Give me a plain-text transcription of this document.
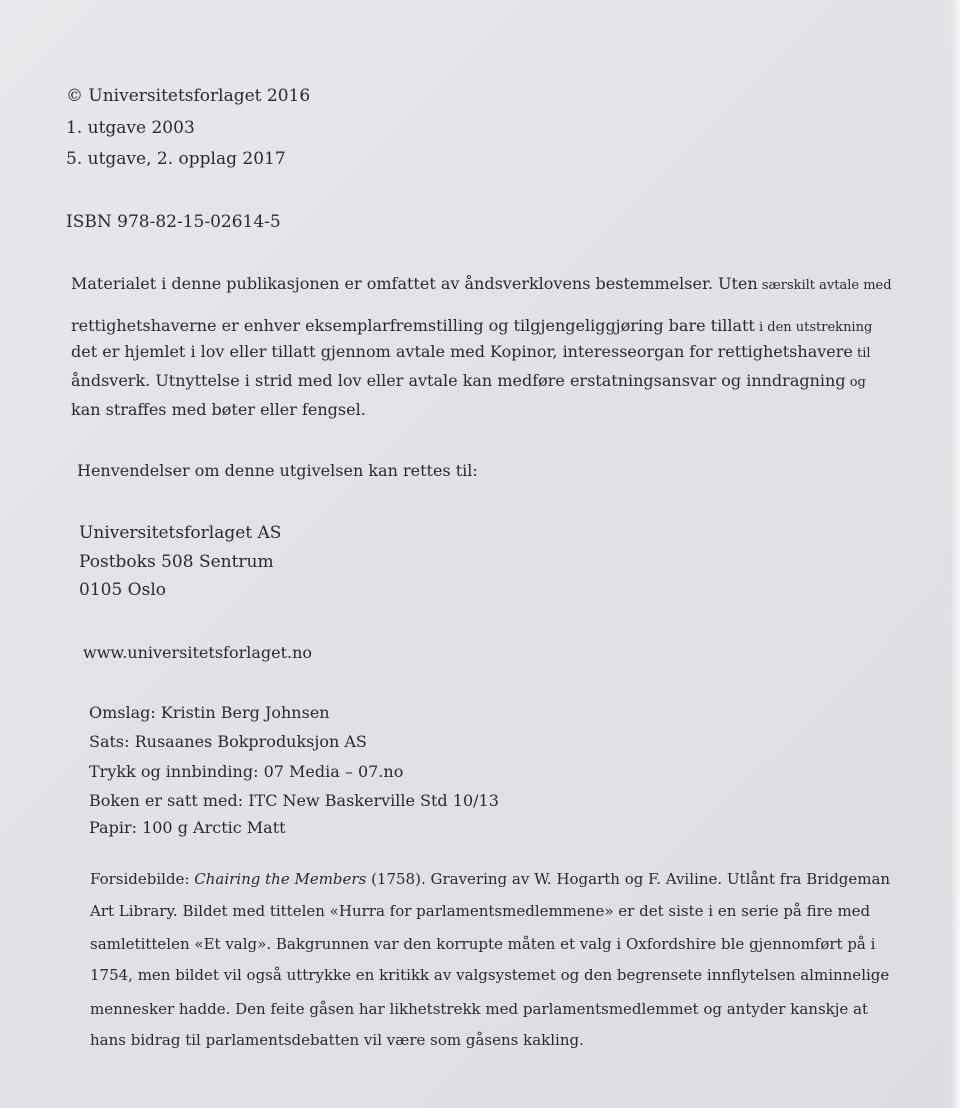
© Universitetsforlaget 2016
1. utgave 2003
5. utgave, 2. opplag 2017
ISBN 978-82-15-02614-5
Materialet i denne publikasjonen er omfattet av åndsverklovens bestemmelser. Uten særskilt avtale med
rettighetshaverne er enhver eksemplarfremstilling og tilgjengeliggjøring bare tillatt i den utstrekning
det er hjemlet i lov eller tillatt gjennom avtale med Kopinor, interesseorgan for rettighetshavere til
åndsverk. Utnyttelse i strid med lov eller avtale kan medføre erstatningsansvar og inndragning og
kan straffes med bøter eller fengsel.
Henvendelser om denne utgivelsen kan rettes til:
Universitetsforlaget AS
Postboks 508 Sentrum
0105 Oslo
www.universitetsforlaget.no
Omslag: Kristin Berg Johnsen
Sats: Rusaanes Bokproduksjon AS
Trykk og innbinding: 07 Media – 07.no
Boken er satt med: ITC New Baskerville Std 10/13
Papir: 100 g Arctic Matt
Forsidebilde: Chairing the Members (1758). Gravering av W. Hogarth og F. Aviline. Utlånt fra Bridgeman
Art Library. Bildet med tittelen «Hurra for parlamentsmedlemmene» er det siste i en serie på fire med
samletittelen «Et valg». Bakgrunnen var den korrupte måten et valg i Oxfordshire ble gjennomført på i
1754, men bildet vil også uttrykke en kritikk av valgsystemet og den begrensete innflytelsen alminnelige
mennesker hadde. Den feite gåsen har likhetstrekk med parlamentsmedlemmet og antyder kanskje at
hans bidrag til parlamentsdebatten vil være som gåsens kakling.
